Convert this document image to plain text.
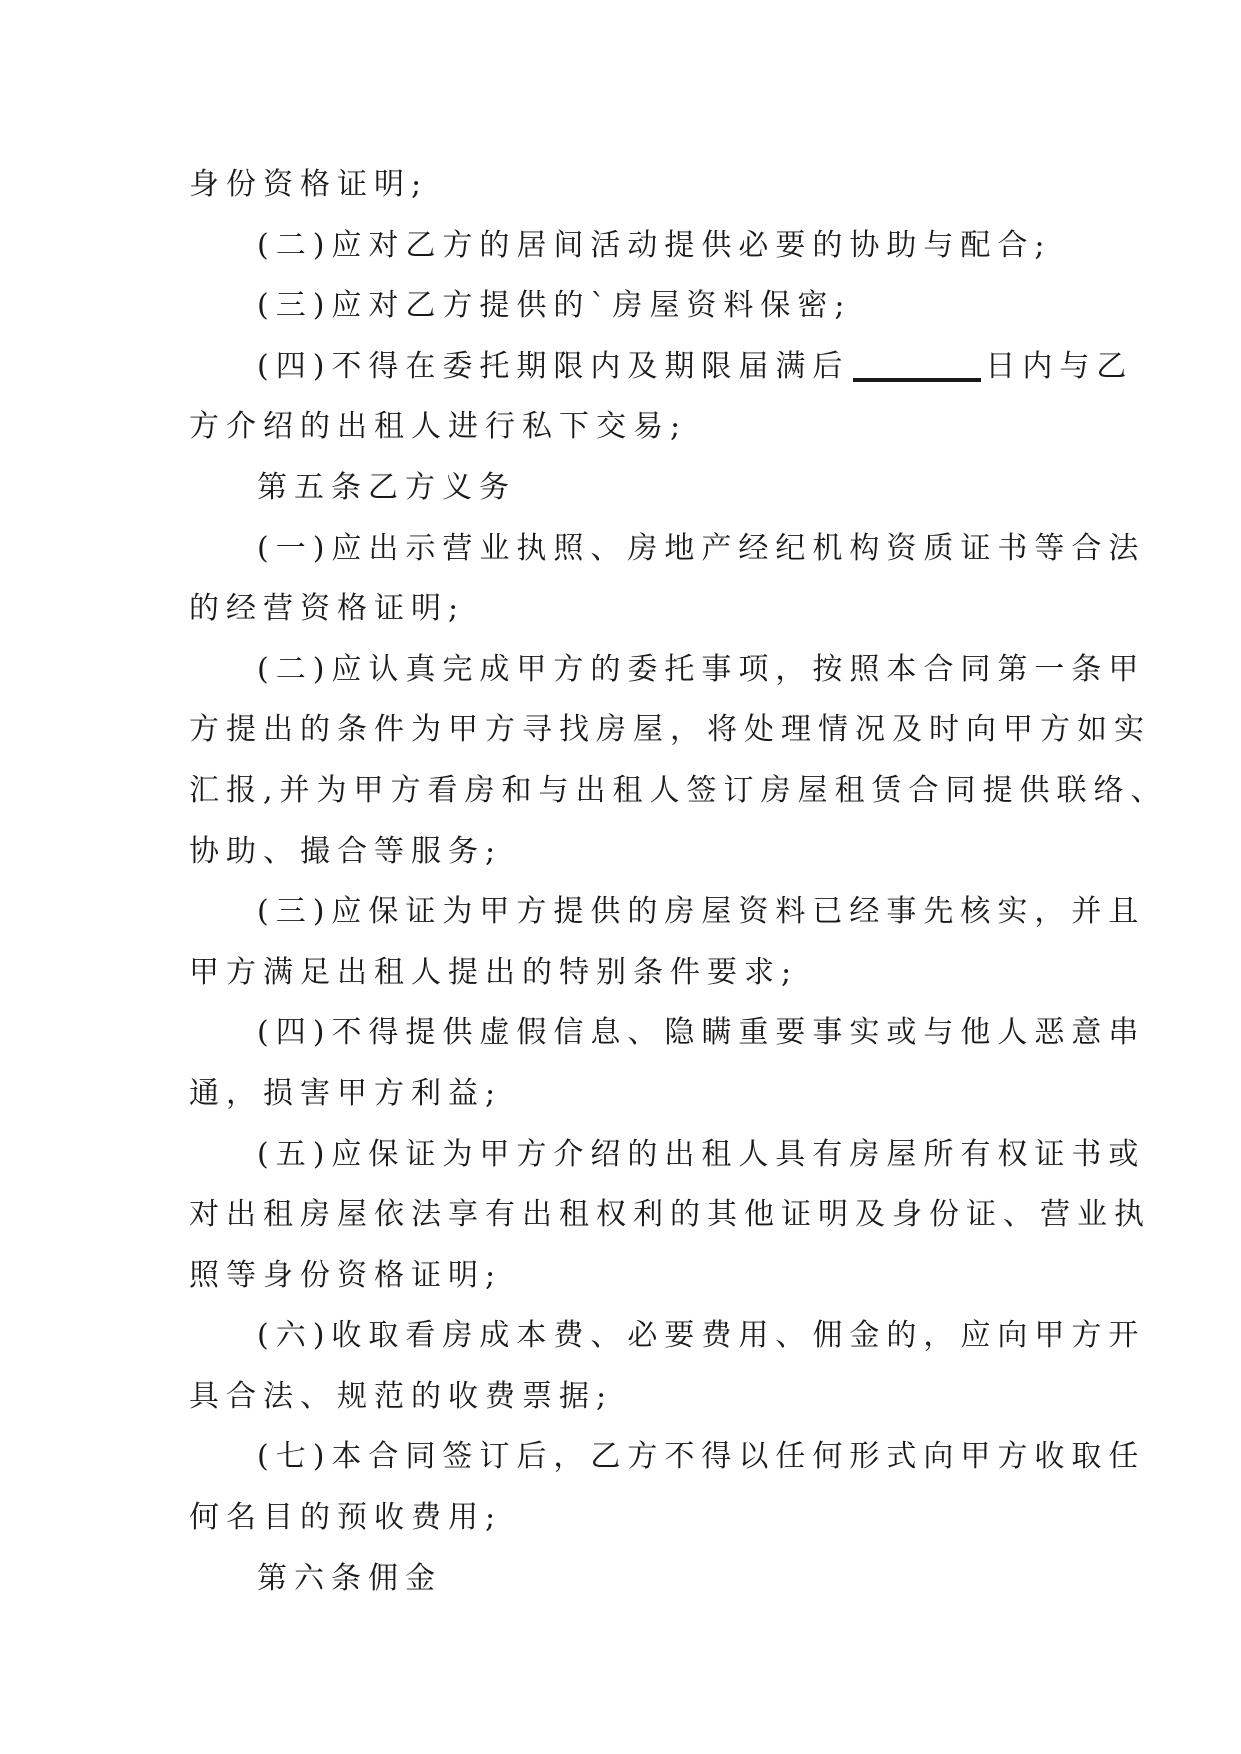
身份资格证明;
(二)应对乙方的居间活动提供必要的协助与配合;
(三)应对乙方提供的`房屋资料保密;
(四)不得在委托期限内及期限届满后	日内与乙
方介绍的出租人进行私下交易;
第五条乙方义务
(一)应出示营业执照、房地产经纪机构资质证书等合法
的经营资格证明;
(二)应认真完成甲方的委托事项，按照本合同第一条甲
方提出的条件为甲方寻找房屋，将处理情况及时向甲方如实
汇报,并为甲方看房和与出租人签订房屋租赁合同提供联络、
协助、撮合等服务;
(三)应保证为甲方提供的房屋资料已经事先核实，并且
甲方满足出租人提出的特别条件要求;
(四)不得提供虚假信息、隐瞒重要事实或与他人恶意串
通，损害甲方利益;
(五)应保证为甲方介绍的出租人具有房屋所有权证书或
对出租房屋依法享有出租权利的其他证明及身份证、营业执
照等身份资格证明;
(六)收取看房成本费、必要费用、佣金的，应向甲方开
具合法、规范的收费票据;
(七)本合同签订后，乙方不得以任何形式向甲方收取任
何名目的预收费用;
第六条佣金
